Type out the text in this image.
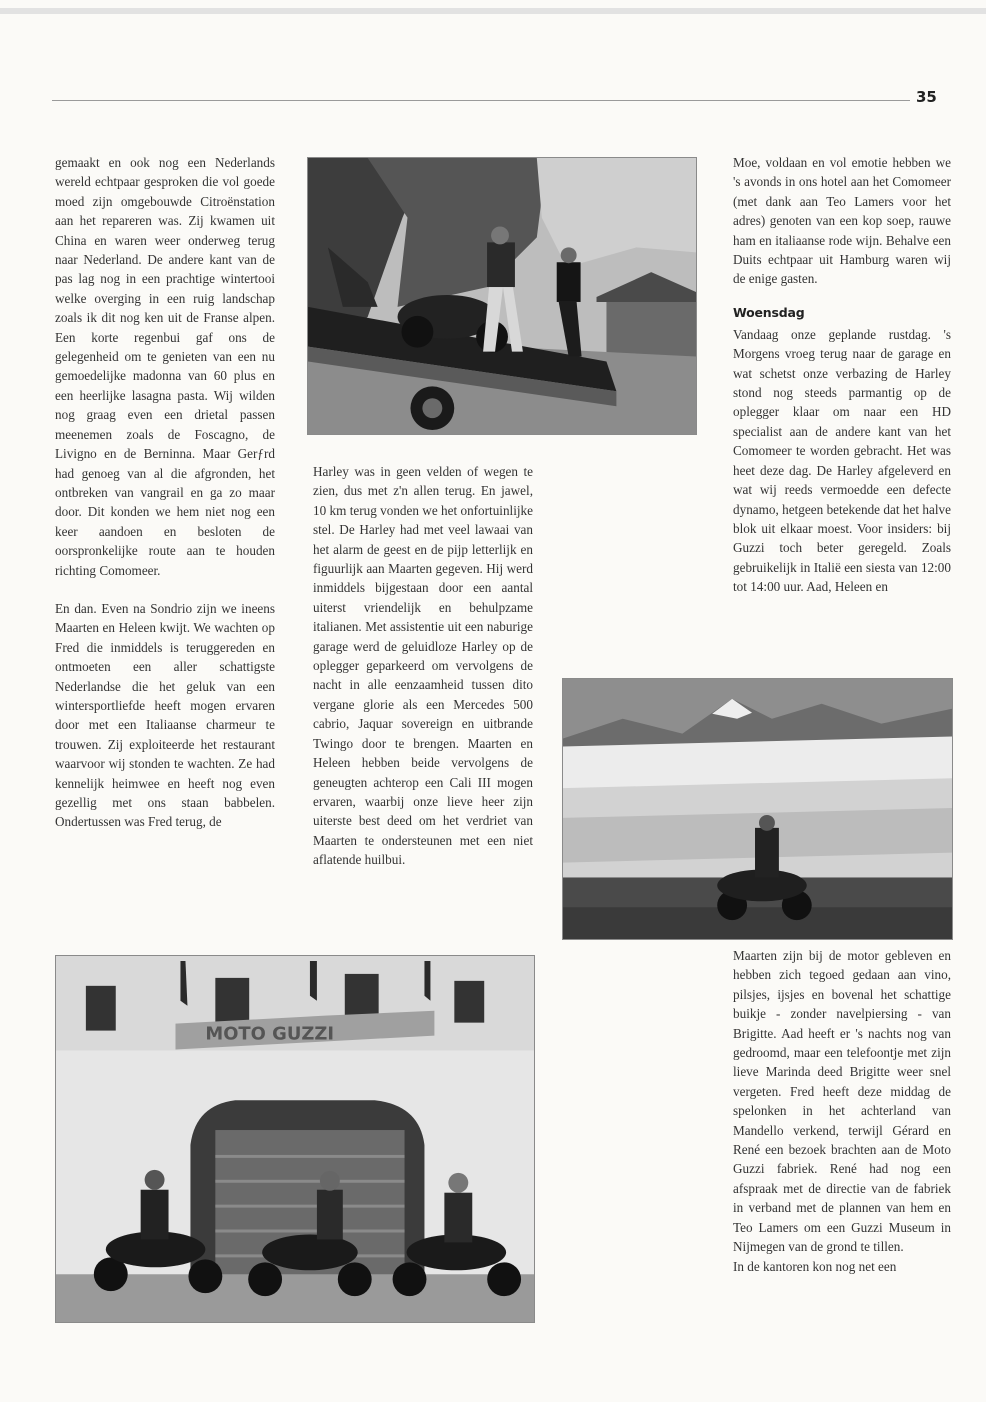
35

gemaakt en ook nog een Nederlands wereld echtpaar gesproken die vol goede moed zijn omgebouwde Citroënstation aan het repareren was. Zij kwamen uit China en waren weer onderweg terug naar Nederland. De andere kant van de pas lag nog in een prachtige wintertooi welke overging in een ruig landschap zoals ik dit nog ken uit de Franse alpen. Een korte regenbui gaf ons de gelegenheid om te genieten van een nu gemoedelijke madonna van 60 plus en een heerlijke lasagna pasta. Wij wilden nog graag even een drietal passen meenemen zoals de Foscagno, de Livigno en de Berninna. Maar Gerƒrd had genoeg van al die afgronden, het ontbreken van vangrail en ga zo maar door. Dit konden we hem niet nog een keer aandoen en besloten de oorspronkelijke route aan te houden richting Comomeer.

En dan. Even na Sondrio zijn we ineens Maarten en Heleen kwijt. We wachten op Fred die inmiddels is teruggereden en ontmoeten een aller schattigste Nederlandse die het geluk van een wintersportliefde heeft mogen ervaren door met een Italiaanse charmeur te trouwen. Zij exploiteerde het restaurant waarvoor wij stonden te wachten. Ze had kennelijk heimwee en heeft nog even gezellig met ons staan babbelen. Ondertussen was Fred terug, de

Harley was in geen velden of wegen te zien, dus met z'n allen terug. En jawel, 10 km terug vonden we het onfortuinlijke stel. De Harley had met veel lawaai van het alarm de geest en de pijp letterlijk en figuurlijk aan Maarten gegeven. Hij werd inmiddels bijgestaan door een aantal uiterst vriendelijk en behulpzame italianen. Met assistentie uit een naburige garage werd de geluidloze Harley op de oplegger geparkeerd om vervolgens de nacht in alle eenzaamheid tussen dito vergane glorie als een Mercedes 500 cabrio, Jaquar sovereign en uitbrande Twingo door te brengen. Maarten en Heleen hebben beide vervolgens de geneugten achterop een Cali III mogen ervaren, waarbij onze lieve heer zijn uiterste best deed om het verdriet van Maarten te ondersteunen met een niet aflatende huilbui.

Moe, voldaan en vol emotie hebben we 's avonds in ons hotel aan het Comomeer (met dank aan Teo Lamers voor het adres) genoten van een kop soep, rauwe ham en italiaanse rode wijn. Behalve een Duits echtpaar uit Hamburg waren wij de enige gasten.

Woensdag

Vandaag onze geplande rustdag. 's Morgens vroeg terug naar de garage en wat schetst onze verbazing de Harley stond nog steeds parmantig op de oplegger klaar om naar een HD specialist aan de andere kant van het Comomeer te worden gebracht. Het was heet deze dag. De Harley afgeleverd en wat wij reeds vermoedde een defecte dynamo, hetgeen betekende dat het halve blok uit elkaar moest. Voor insiders: bij Guzzi toch beter geregeld. Zoals gebruikelijk in Italië een siesta van 12:00 tot 14:00 uur. Aad, Heleen en

Maarten zijn bij de motor gebleven en hebben zich tegoed gedaan aan vino, pilsjes, ijsjes en bovenal het schattige buikje - zonder navelpiersing - van Brigitte. Aad heeft er 's nachts nog van gedroomd, maar een telefoontje met zijn lieve Marinda deed Brigitte weer snel vergeten. Fred heeft deze middag de spelonken in het achterland van Mandello verkend, terwijl Gérard en René een bezoek brachten aan de Moto Guzzi fabriek. René had nog een afspraak met de directie van de fabriek in verband met de plannen van hem en Teo Lamers om een Guzzi Museum in Nijmegen van de grond te tillen.

In de kantoren kon nog net een

MOTO GUZZI
